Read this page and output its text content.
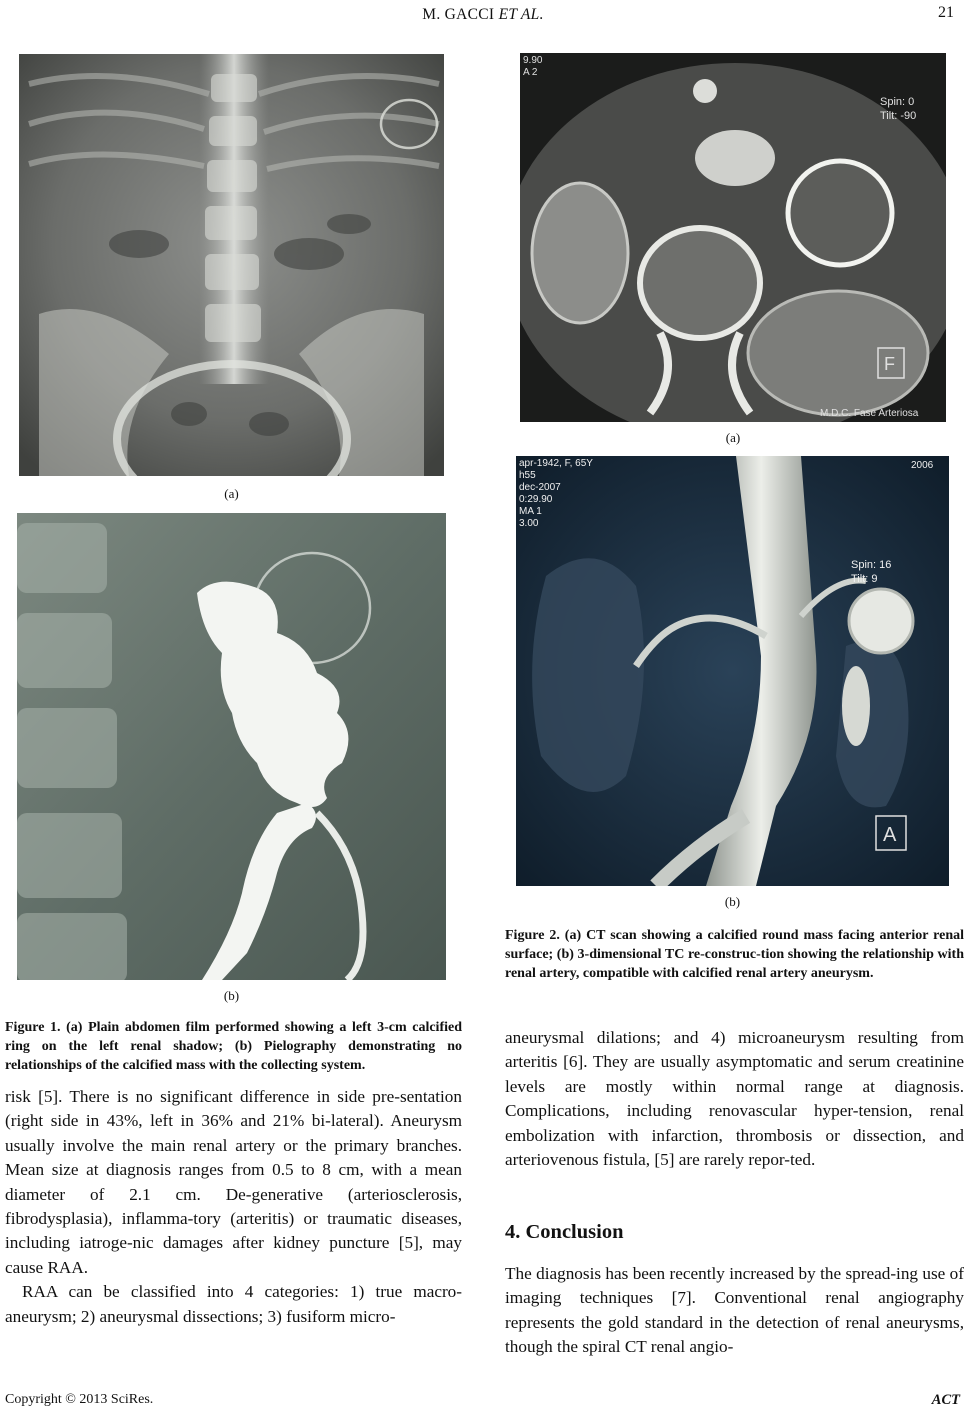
M. GACCI ET AL.	21
(a)
(b)
Figure 1. (a) Plain abdomen film performed showing a left 3-cm calcified ring on the left renal shadow; (b) Pielography demonstrating no relationships of the calcified mass with the collecting system.

risk [5]. There is no significant difference in side pre-sentation (right side in 43%, left in 36% and 21% bi-lateral). Aneurysm usually involve the main renal artery or the primary branches. Mean size at diagnosis ranges from 0.5 to 8 cm, with a mean diameter of 2.1 cm. De-generative (arteriosclerosis, fibrodysplasia), inflamma-tory (arteritis) or traumatic diseases, including iatroge-nic damages after kidney puncture [5], may cause RAA.

RAA can be classified into 4 categories: 1) true macro-aneurysm; 2) aneurysmal dissections; 3) fusiform micro-

9.90
A 2
Spin: 0
Tilt: -90
M.D.C. Fase Arteriosa
F
(a)
apr-1942, F, 65Y
h55
dec-2007
0:29.90
MA 1
3.00
2006
Spin: 16
Tilt: 9
A
(b)
Figure 2. (a) CT scan showing a calcified round mass facing anterior renal surface; (b) 3-dimensional TC re-construc-tion showing the relationship with renal artery, compatible with calcified renal artery aneurysm.

aneurysmal dilations; and 4) microaneurysm resulting from arteritis [6]. They are usually asymptomatic and serum creatinine levels are mostly within normal range at diagnosis. Complications, including renovascular hyper-tension, renal embolization with infarction, thrombosis or dissection, and arteriovenous fistula, [5] are rarely repor-ted.

4. Conclusion

The diagnosis has been recently increased by the spread-ing use of imaging techniques [7]. Conventional renal angiography represents the gold standard in the detection of renal aneurysms, though the spiral CT renal angio-

Copyright © 2013 SciRes.	ACT
